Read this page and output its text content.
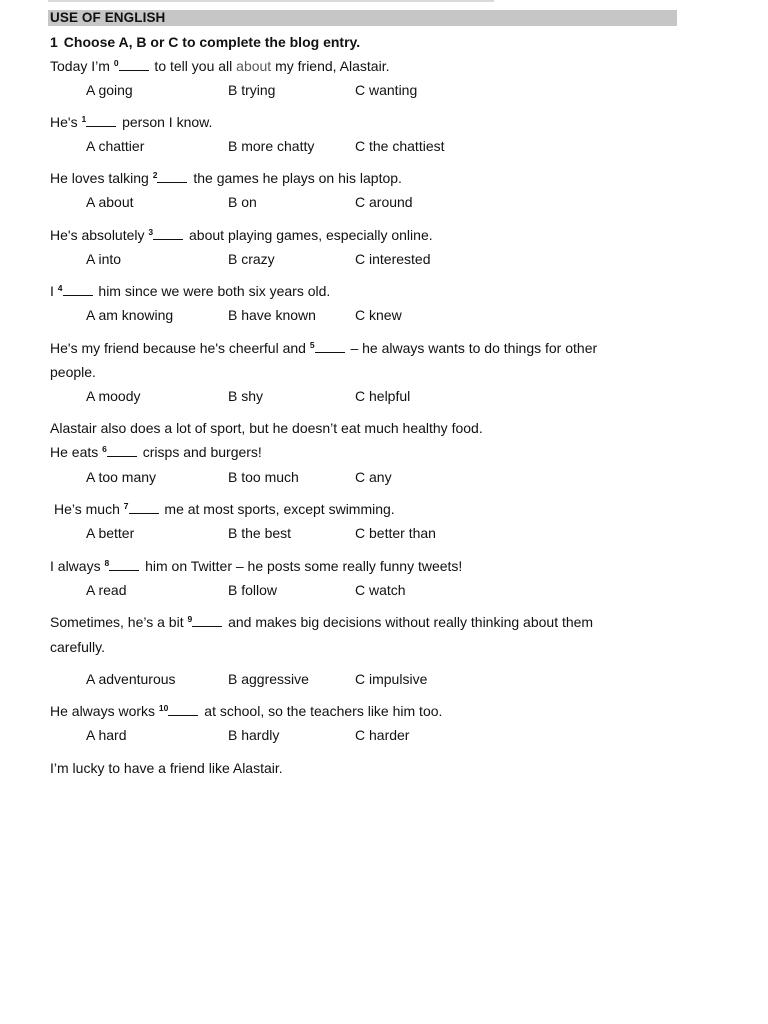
USE OF ENGLISH
1 Choose A, B or C to complete the blog entry.
Today I’m $^0$ to tell you all about my friend, Alastair.
A going	B trying	C wanting
He's $^1$ person I know.
A chattier	B more chatty	C the chattiest
He loves talking $^2$ the games he plays on his laptop.
A about	B on	C around
He's absolutely $^3$ about playing games, especially online.
A into	B crazy	C interested
I $^4$ him since we were both six years old.
A am knowing	B have known	C knew
He's my friend because he's cheerful and $^5$ – he always wants to do things for other
people.
A moody	B shy	C helpful
Alastair also does a lot of sport, but he doesn’t eat much healthy food.
He eats $^6$ crisps and burgers!
A too many	B too much	C any
He’s much $^7$ me at most sports, except swimming.
A better	B the best	C better than
I always $^8$ him on Twitter – he posts some really funny tweets!
A read	B follow	C watch
Sometimes, he’s a bit $^9$ and makes big decisions without really thinking about them
carefully.
A adventurous	B aggressive	C impulsive
He always works $^{10}$ at school, so the teachers like him too.
A hard	B hardly	C harder
I’m lucky to have a friend like Alastair.
